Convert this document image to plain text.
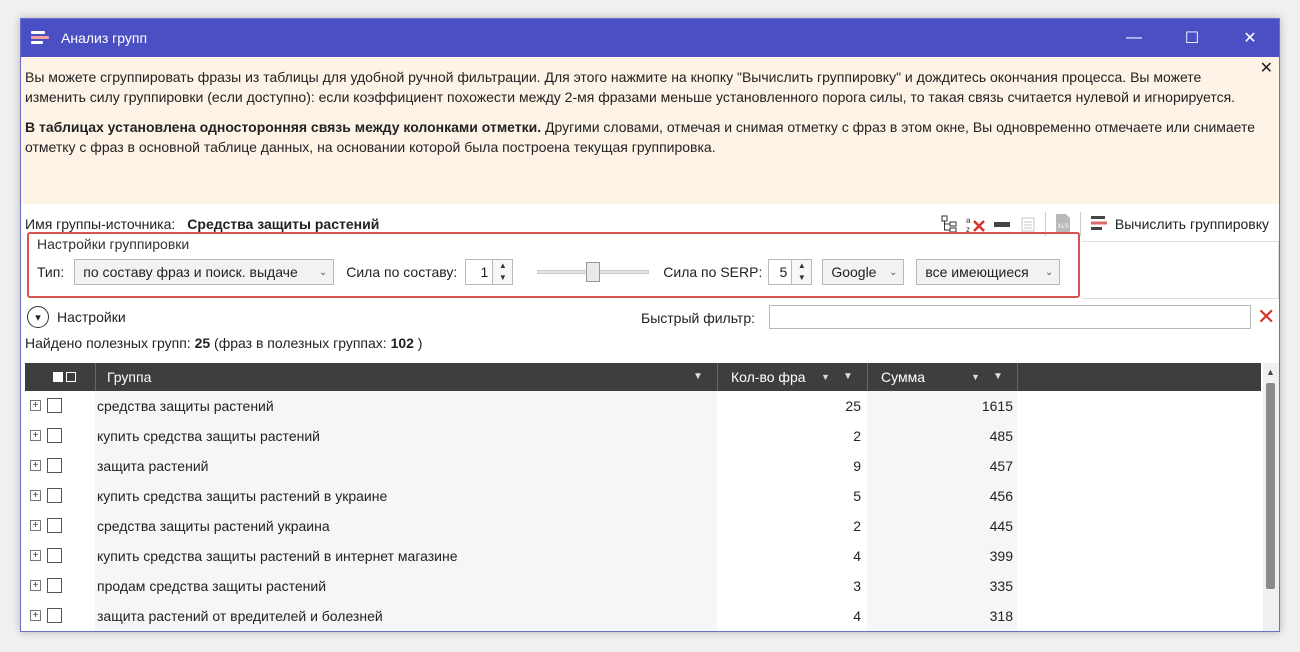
Анализ групп	—	☐	✕

Вы можете сгруппировать фразы из таблицы для удобной ручной фильтрации. Для этого нажмите на кнопку "Вычислить группировку" и дождитесь окончания процесса. Вы можете изменить силу группировки (если доступно): если коэффициент похожести между 2-мя фразами меньше установленного порога силы, то такая связь считается нулевой и игнорируется.

В таблицах установлена односторонняя связь между колонками отметки. Другими словами, отмечая и снимая отметку с фраз в этом окне, Вы одновременно отмечаете или снимаете отметку с фраз в основной таблице данных, на основании которой была построена текущая группировка.

✕
Имя группы-источника: Средства защиты растений	a
z	XLS	Вычислить группировку
Настройки группировки
Тип: по составу фраз и поиск. выдаче ⌄ Сила по составу:	1	▲
▼	Сила по SERP:	5	▲
▼	Google ⌄ все имеющиеся ⌄
▾	Настройки	Быстрый фильтр:	✕
Найдено полезных групп: 25 (фраз в полезных группах: 102 )
Группа	▼ Кол-во фра	▼ ▼ Сумма	▼ ▼
+	средства защиты растений	25	1615
+	купить средства защиты растений	2	485
+	защита растений	9	457
+	купить средства защиты растений в украине	5	456
+	средства защиты растений украина	2	445
+	купить средства защиты растений в интернет магазине	4	399
+	продам средства защиты растений	3	335
+	защита растений от вредителей и болезней	4	318
▲
